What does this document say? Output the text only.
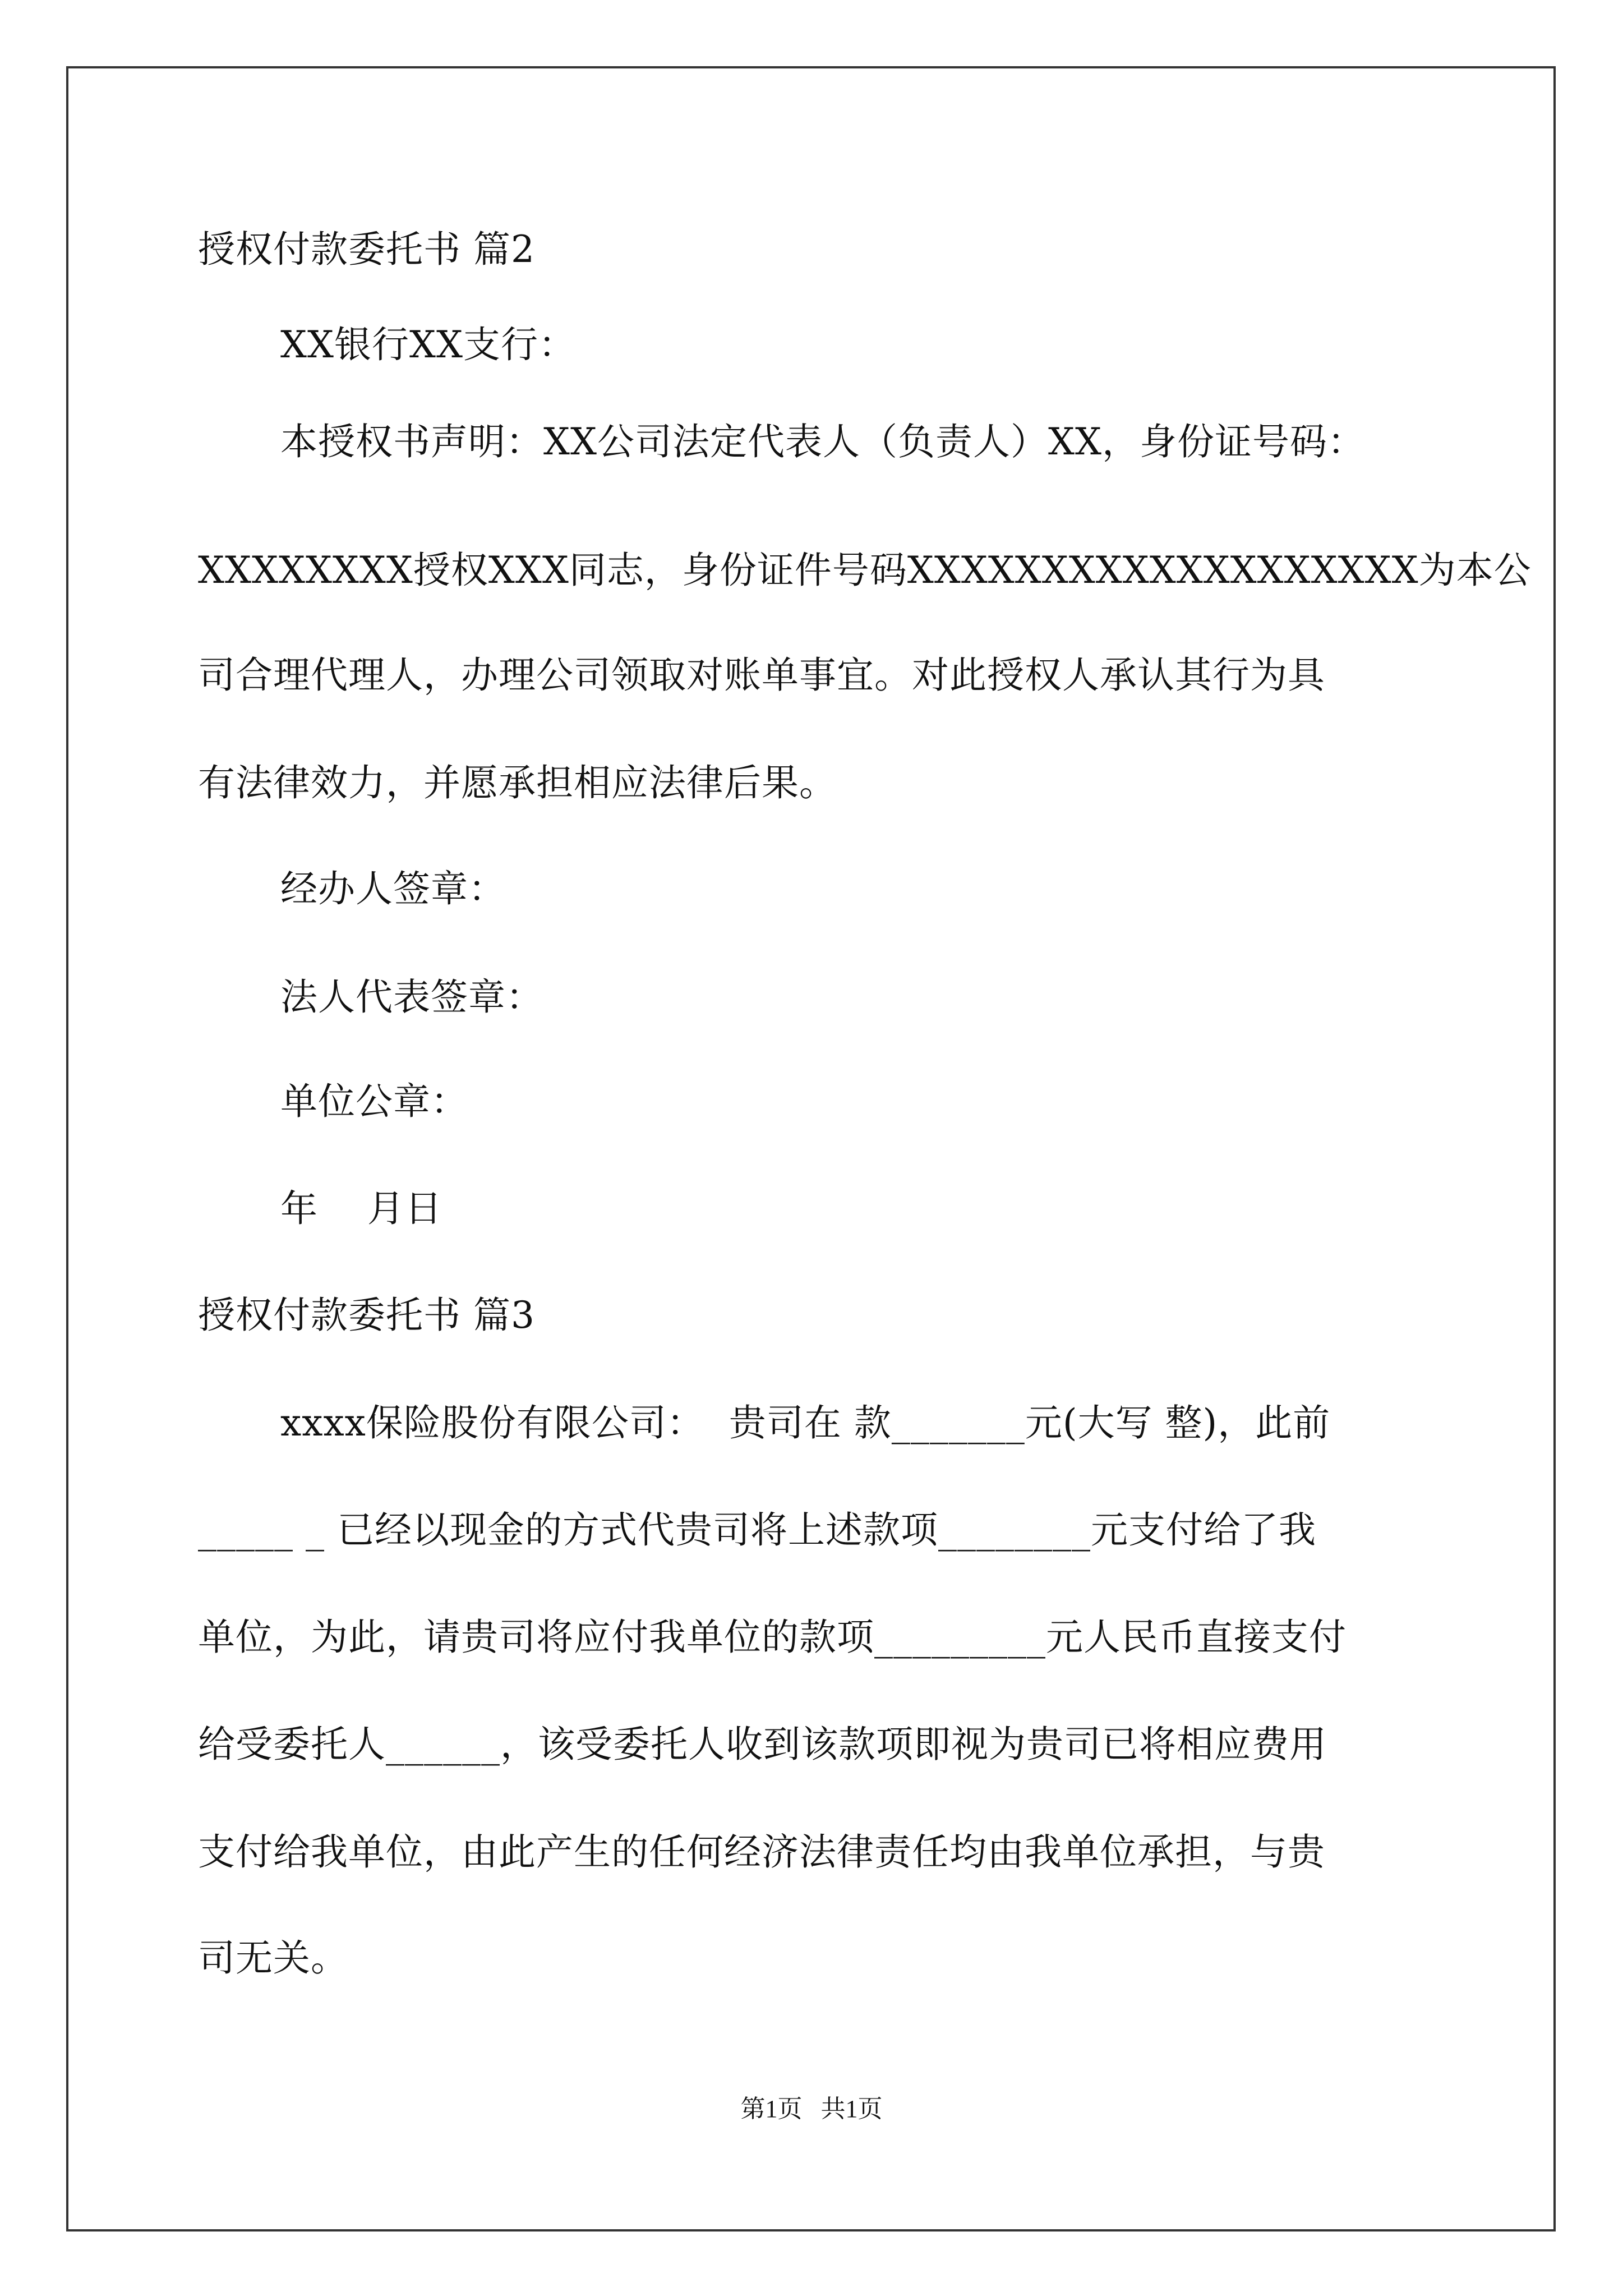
授权付款委托书 篇2
XX银行XX支行：
本授权书声明：XX公司法定代表人（负责人）XX，身份证号码：
XXXXXXXX授权XXX同志，身份证件号码XXXXXXXXXXXXXXXXXXX为本公
司合理代理人，办理公司领取对账单事宜。对此授权人承认其行为具
有法律效力，并愿承担相应法律后果。
经办人签章：
法人代表签章：
单位公章：
年    月日
授权付款委托书 篇3
xxxx保险股份有限公司：  贵司在 款_______元(大写 整)，此前
_____ _ 已经以现金的方式代贵司将上述款项________元支付给了我
单位，为此，请贵司将应付我单位的款项_________元人民币直接支付
给受委托人______，该受委托人收到该款项即视为贵司已将相应费用
支付给我单位，由此产生的任何经济法律责任均由我单位承担，与贵
司无关。
第1页   共1页
